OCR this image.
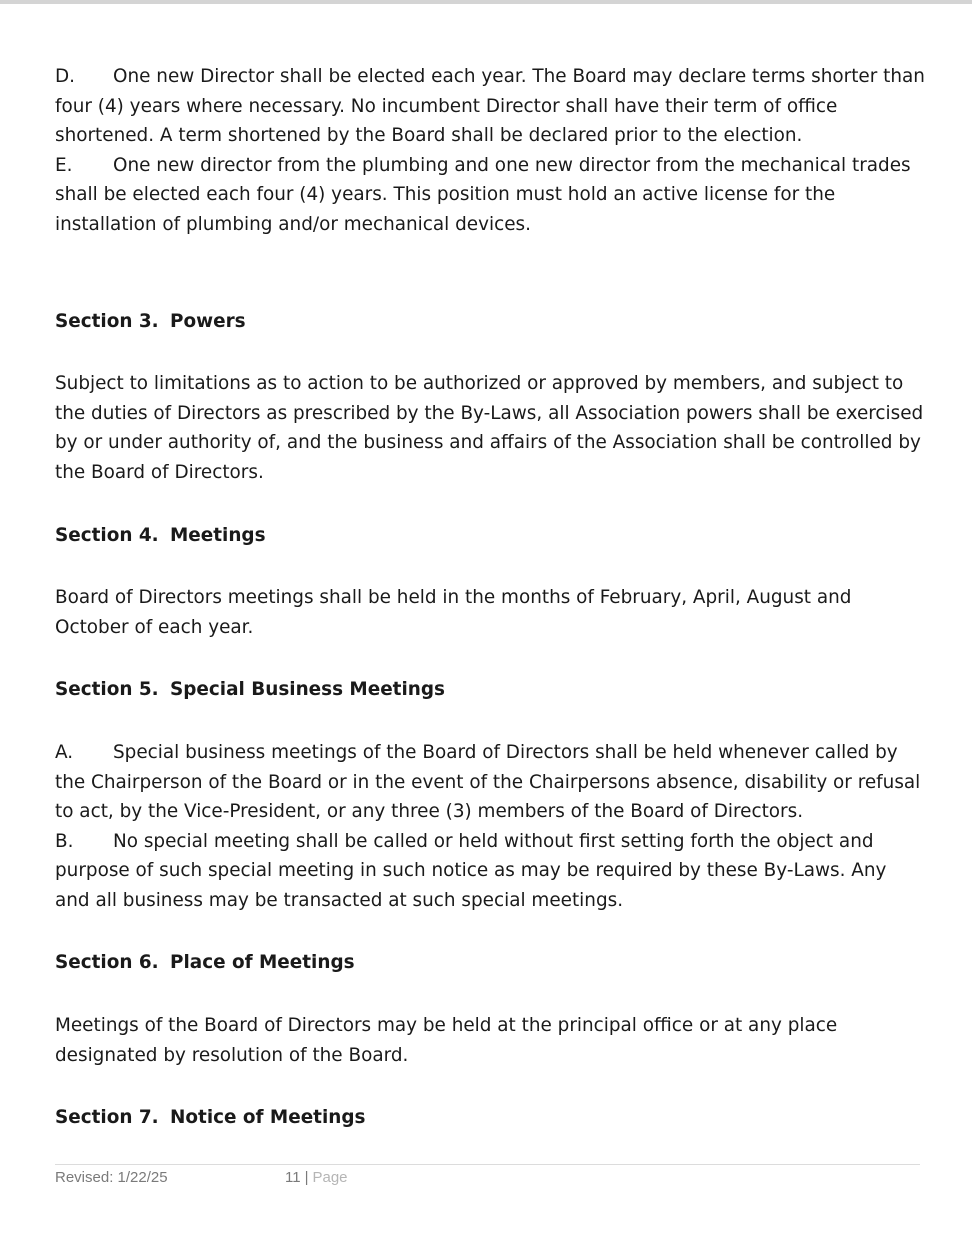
D. One new Director shall be elected each year. The Board may declare terms shorter than four (4) years where necessary. No incumbent Director shall have their term of office shortened. A term shortened by the Board shall be declared prior to the election.

E. One new director from the plumbing and one new director from the mechanical trades shall be elected each four (4) years. This position must hold an active license for the installation of plumbing and/or mechanical devices.

Section 3. Powers

Subject to limitations as to action to be authorized or approved by members, and subject to the duties of Directors as prescribed by the By-Laws, all Association powers shall be exercised by or under authority of, and the business and affairs of the Association shall be controlled by the Board of Directors.

Section 4. Meetings

Board of Directors meetings shall be held in the months of February, April, August and October of each year.

Section 5. Special Business Meetings

A. Special business meetings of the Board of Directors shall be held whenever called by the Chairperson of the Board or in the event of the Chairpersons absence, disability or refusal to act, by the Vice-President, or any three (3) members of the Board of Directors.

B. No special meeting shall be called or held without first setting forth the object and purpose of such special meeting in such notice as may be required by these By-Laws. Any and all business may be transacted at such special meetings.

Section 6. Place of Meetings

Meetings of the Board of Directors may be held at the principal office or at any place designated by resolution of the Board.

Section 7. Notice of Meetings

Revised: 1/22/25	11 | Page
